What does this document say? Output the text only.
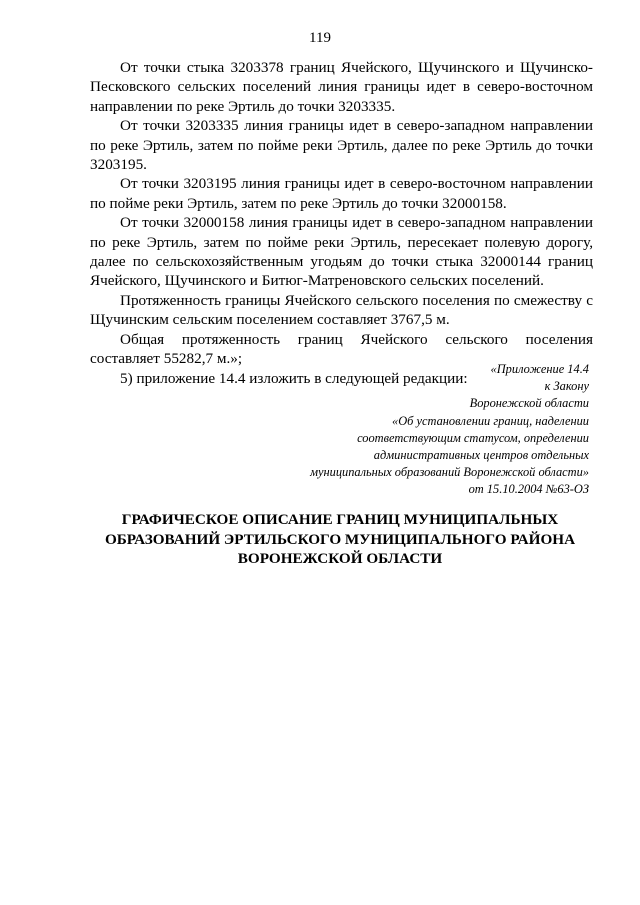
119

От точки стыка 3203378 границ Ячейского, Щучинского и Щучинско-Песковского сельских поселений линия границы идет в северо-восточном направлении по реке Эртиль до точки 3203335.

От точки 3203335 линия границы идет в северо-западном направлении по реке Эртиль, затем по пойме реки Эртиль, далее по реке Эртиль до точки 3203195.

От точки 3203195 линия границы идет в северо-восточном направлении по пойме реки Эртиль, затем по реке Эртиль до точки 32000158.

От точки 32000158 линия границы идет в северо-западном направлении по реке Эртиль, затем по пойме реки Эртиль, пересекает полевую дорогу, далее по сельскохозяйственным угодьям до точки стыка 32000144 границ Ячейского, Щучинского и Битюг-Матреновского сельских поселений.

Протяженность границы Ячейского сельского поселения по смежеству с Щучинским сельским поселением составляет 3767,5 м.

Общая протяженность границ Ячейского сельского поселения составляет 55282,7 м.»;

5) приложение 14.4 изложить в следующей редакции:

«Приложение 14.4
к Закону
Воронежской области
«Об установлении границ, наделении
соответствующим статусом, определении
административных центров отдельных
муниципальных образований Воронежской области»
от 15.10.2004 №63-ОЗ
ГРАФИЧЕСКОЕ ОПИСАНИЕ ГРАНИЦ МУНИЦИПАЛЬНЫХ
ОБРАЗОВАНИЙ ЭРТИЛЬСКОГО МУНИЦИПАЛЬНОГО РАЙОНА
ВОРОНЕЖСКОЙ ОБЛАСТИ
